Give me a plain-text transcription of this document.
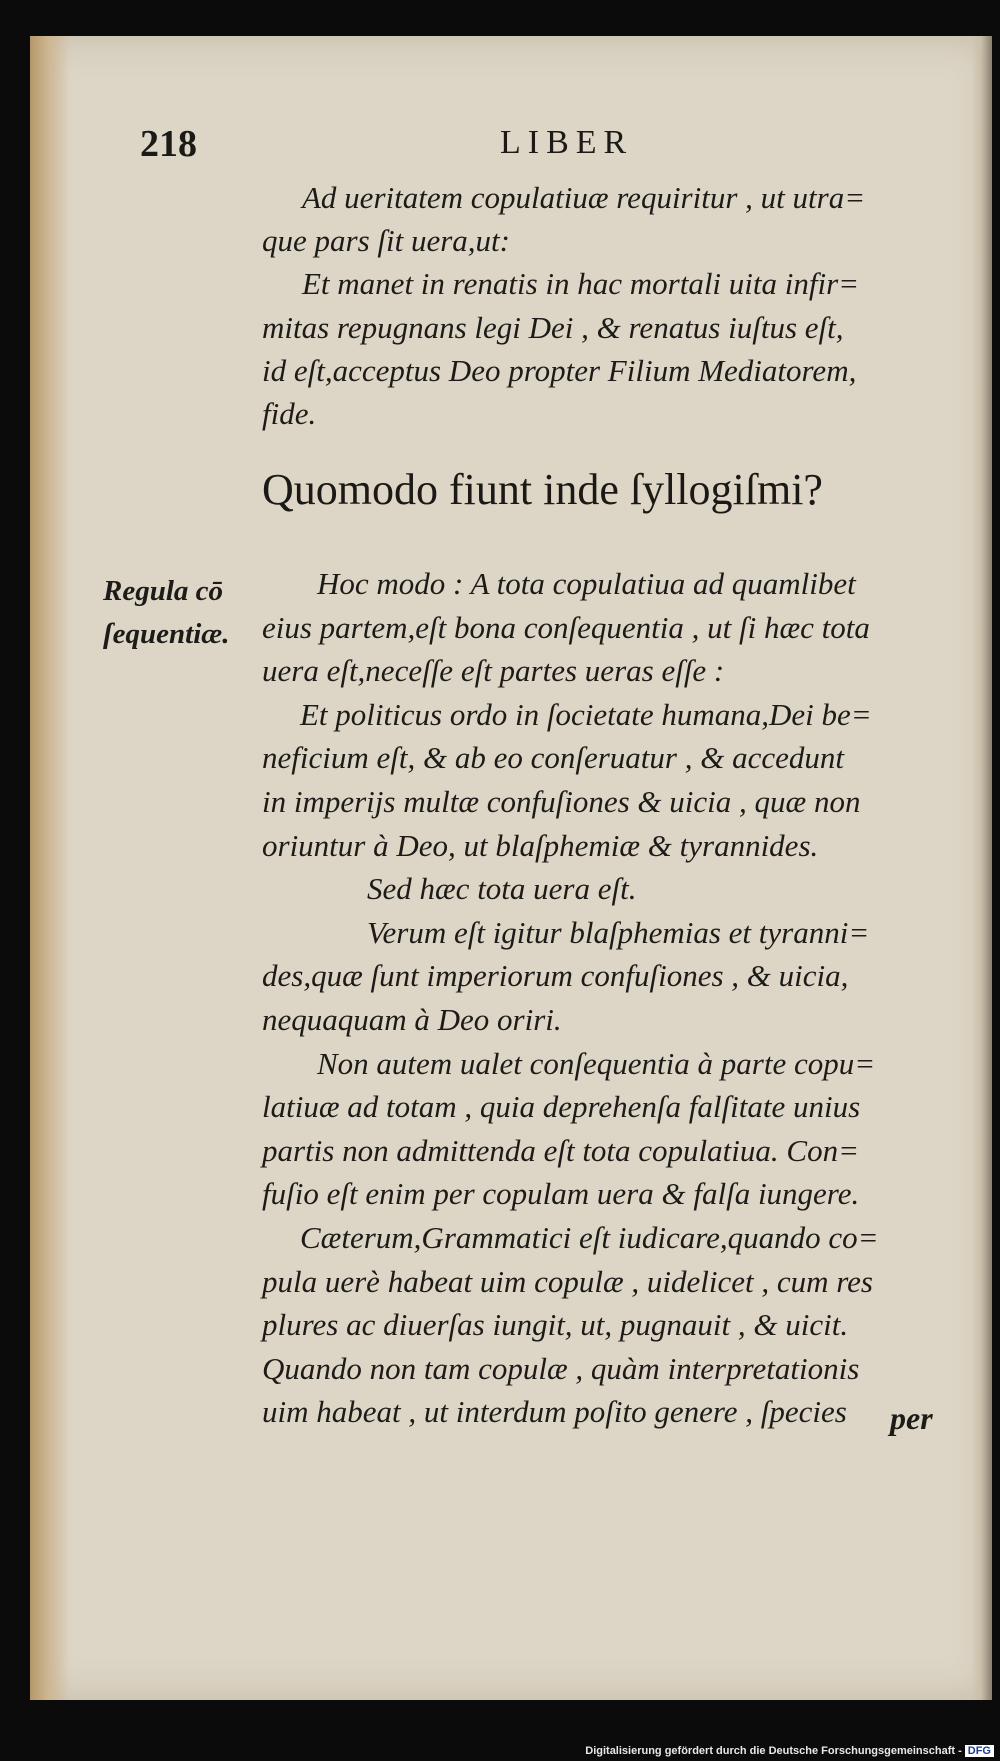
218	LIBER
Ad ueritatem copulatiuæ requiritur , ut utra=
que pars ſit uera,ut:
Et manet in renatis in hac mortali uita infir=
mitas repugnans legi Dei , & renatus iuſtus eſt,
id eſt,acceptus Deo propter Filium Mediatorem,
fide.
Quomodo fiunt inde ſyllogiſmi?
Regula cō
ſequentiæ.
Hoc modo : A tota copulatiua ad quamlibet
eius partem,eſt bona conſequentia , ut ſi hæc tota
uera eſt,neceſſe eſt partes ueras eſſe :
Et politicus ordo in ſocietate humana,Dei be=
neficium eſt, & ab eo conſeruatur , & accedunt
in imperijs multæ confuſiones & uicia , quæ non
oriuntur à Deo, ut blaſphemiæ & tyrannides.
Sed hæc tota uera eſt.
Verum eſt igitur blaſphemias et tyranni=
des,quæ ſunt imperiorum confuſiones , & uicia,
nequaquam à Deo oriri.
Non autem ualet conſequentia à parte copu=
latiuæ ad totam , quia deprehenſa falſitate unius
partis non admittenda eſt tota copulatiua. Con=
fuſio eſt enim per copulam uera & falſa iungere.
Cæterum,Grammatici eſt iudicare,quando co=
pula uerè habeat uim copulæ , uidelicet , cum res
plures ac diuerſas iungit, ut, pugnauit , & uicit.
Quando non tam copulæ , quàm interpretationis
uim habeat , ut interdum poſito genere , ſpecies	per
Digitalisierung gefördert durch die Deutsche Forschungsgemeinschaft - DFG
